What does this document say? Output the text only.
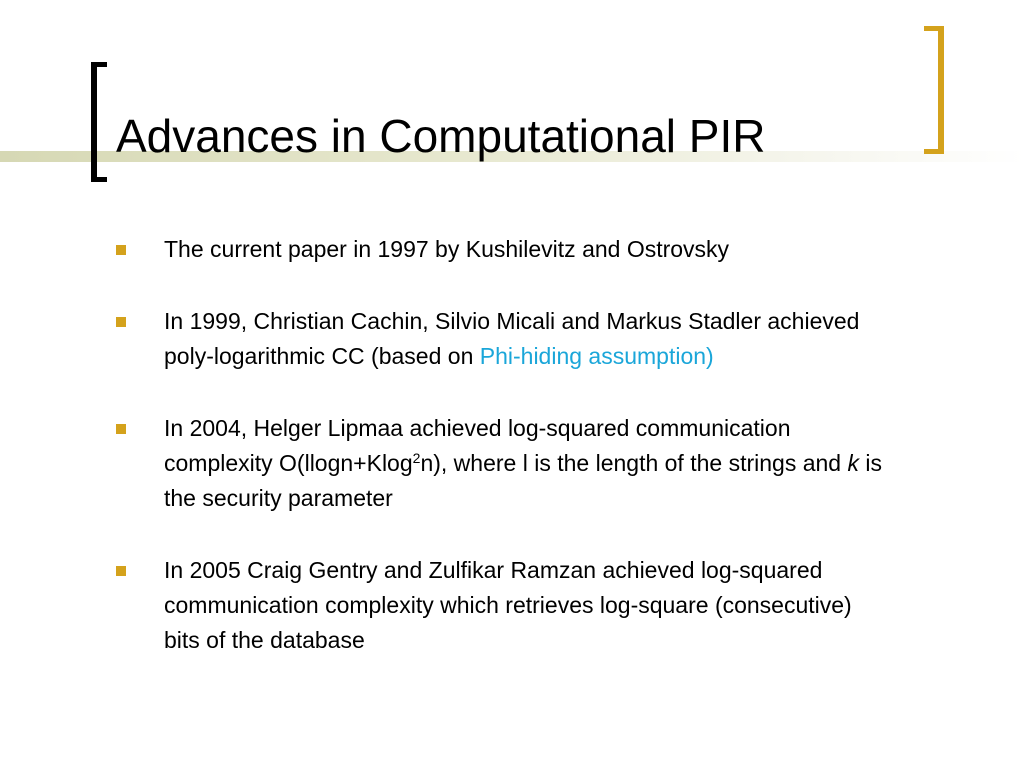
Advances in Computational PIR
The current paper in 1997 by Kushilevitz and Ostrovsky
In 1999, Christian Cachin, Silvio Micali and Markus Stadler achieved poly-logarithmic CC (based on Phi-hiding assumption)
In 2004, Helger Lipmaa achieved log-squared communication complexity O(llogn+Klog$^2$n), where l is the length of the strings and k is the security parameter
In 2005 Craig Gentry and Zulfikar Ramzan achieved log-squared communication complexity which retrieves log-square (consecutive) bits of the database
